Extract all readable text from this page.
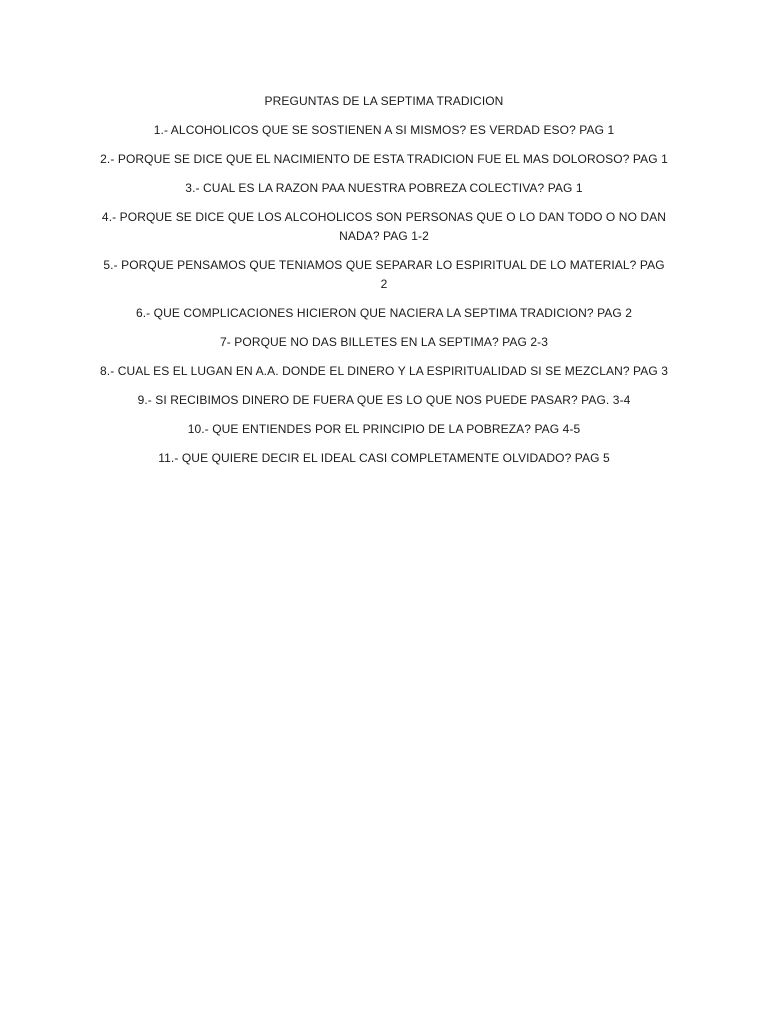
PREGUNTAS DE LA SEPTIMA TRADICION

1.- ALCOHOLICOS QUE SE SOSTIENEN A SI MISMOS? ES VERDAD ESO? PAG 1
2.- PORQUE SE DICE QUE EL NACIMIENTO DE ESTA TRADICION FUE EL MAS DOLOROSO? PAG 1
3.- CUAL ES LA RAZON PAA NUESTRA POBREZA COLECTIVA? PAG 1
4.- PORQUE SE DICE QUE LOS ALCOHOLICOS SON PERSONAS QUE O LO DAN TODO O NO DAN NADA? PAG 1-2
5.- PORQUE PENSAMOS QUE TENIAMOS QUE SEPARAR LO ESPIRITUAL DE LO MATERIAL? PAG 2
6.- QUE COMPLICACIONES HICIERON QUE NACIERA LA SEPTIMA TRADICION? PAG 2
7- PORQUE NO DAS BILLETES EN LA SEPTIMA? PAG 2-3
8.- CUAL ES EL LUGAN EN A.A. DONDE EL DINERO Y LA ESPIRITUALIDAD SI SE MEZCLAN? PAG 3
9.- SI RECIBIMOS DINERO DE FUERA QUE ES LO QUE NOS PUEDE PASAR? PAG. 3-4
10.- QUE ENTIENDES POR EL PRINCIPIO DE LA POBREZA? PAG 4-5
11.- QUE QUIERE DECIR EL IDEAL CASI COMPLETAMENTE OLVIDADO? PAG 5
